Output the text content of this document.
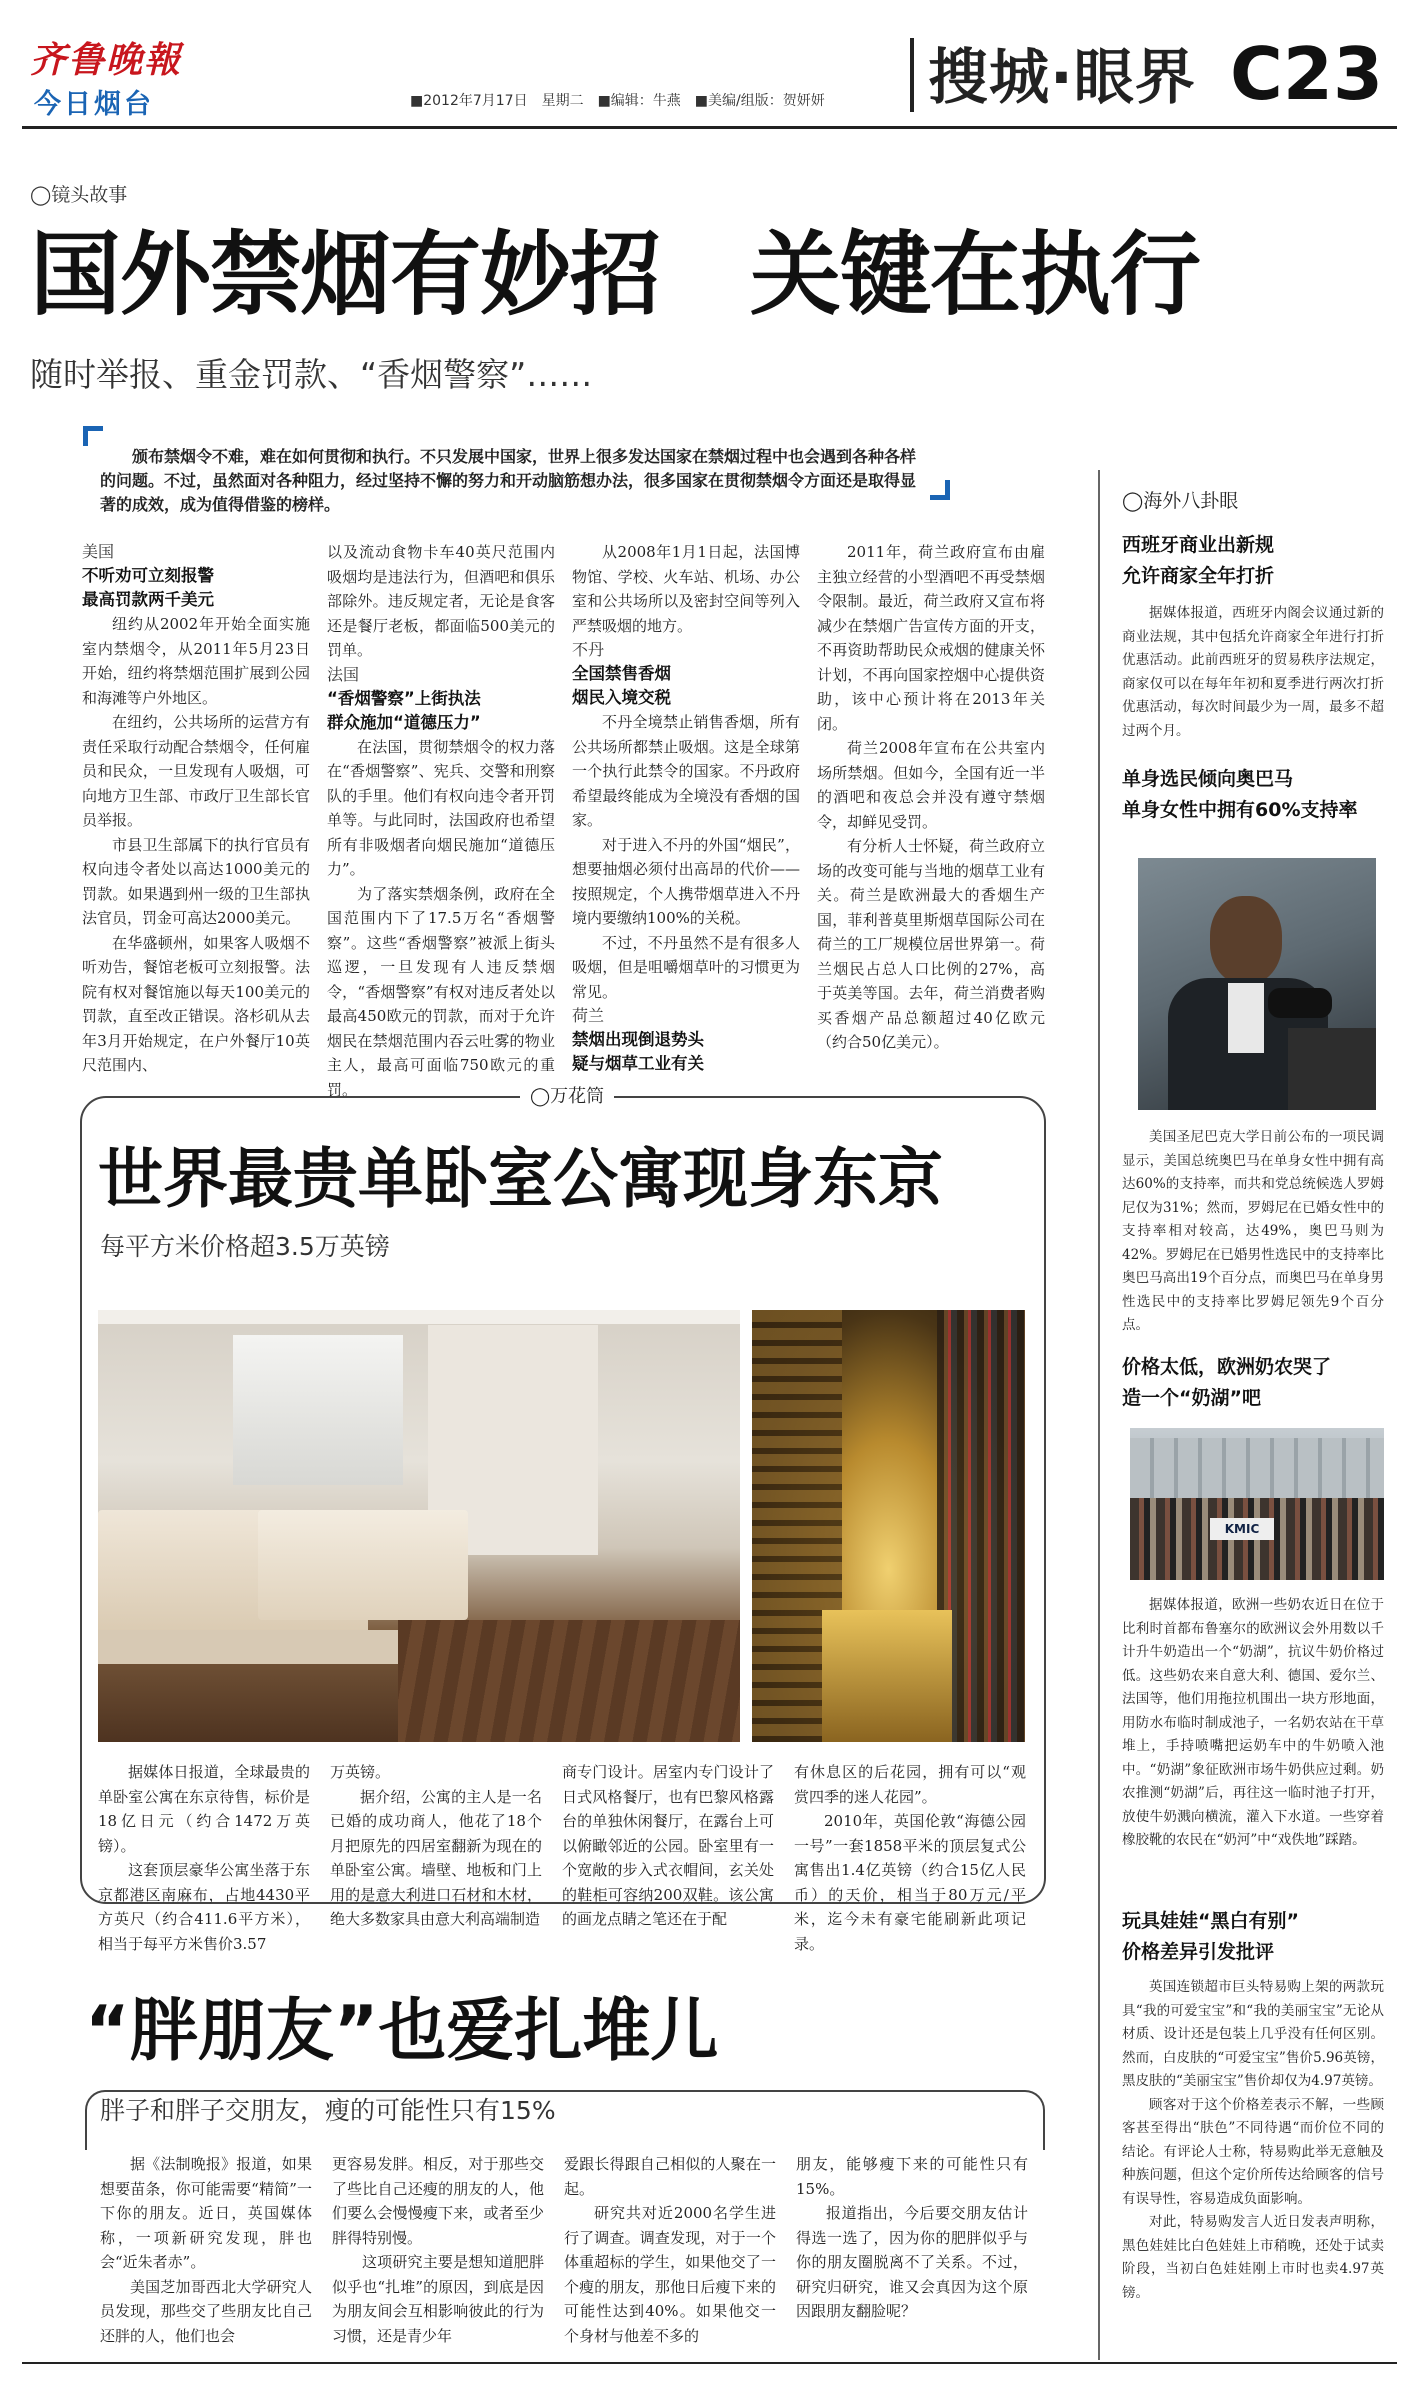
齐鲁晚報
今日烟台	■2012年7月17日　星期二　■编辑：牛燕　■美编/组版：贺妍妍 搜城·眼界 C23
◯镜头故事
国外禁烟有妙招　关键在执行
随时举报、重金罚款、“香烟警察”……
颁布禁烟令不难，难在如何贯彻和执行。不只发展中国家，世界上很多发达国家在禁烟过程中也会遇到各种各样的问题。不过，虽然面对各种阻力，经过坚持不懈的努力和开动脑筋想办法，很多国家在贯彻禁烟令方面还是取得显著的成效，成为值得借鉴的榜样。
美国
不听劝可立刻报警
最高罚款两千美元

纽约从2002年开始全面实施室内禁烟令，从2011年5月23日开始，纽约将禁烟范围扩展到公园和海滩等户外地区。

在纽约，公共场所的运营方有责任采取行动配合禁烟令，任何雇员和民众，一旦发现有人吸烟，可向地方卫生部、市政厅卫生部长官员举报。

市县卫生部属下的执行官员有权向违令者处以高达1000美元的罚款。如果遇到州一级的卫生部执法官员，罚金可高达2000美元。

在华盛顿州，如果客人吸烟不听劝告，餐馆老板可立刻报警。法院有权对餐馆施以每天100美元的罚款，直至改正错误。洛杉矶从去年3月开始规定，在户外餐厅10英尺范围内、

以及流动食物卡车40英尺范围内吸烟均是违法行为，但酒吧和俱乐部除外。违反规定者，无论是食客还是餐厅老板，都面临500美元的罚单。

法国
“香烟警察”上街执法
群众施加“道德压力”

在法国，贯彻禁烟令的权力落在“香烟警察”、宪兵、交警和刑察队的手里。他们有权向违令者开罚单等。与此同时，法国政府也希望所有非吸烟者向烟民施加“道德压力”。

为了落实禁烟条例，政府在全国范围内下了17.5万名“香烟警察”。这些“香烟警察”被派上街头巡逻，一旦发现有人违反禁烟令，“香烟警察”有权对违反者处以最高450欧元的罚款，而对于允许烟民在禁烟范围内吞云吐雾的物业主人，最高可面临750欧元的重罚。

从2008年1月1日起，法国博物馆、学校、火车站、机场、办公室和公共场所以及密封空间等列入严禁吸烟的地方。

不丹
全国禁售香烟
烟民入境交税

不丹全境禁止销售香烟，所有公共场所都禁止吸烟。这是全球第一个执行此禁令的国家。不丹政府希望最终能成为全境没有香烟的国家。

对于进入不丹的外国“烟民”，想要抽烟必须付出高昂的代价——按照规定，个人携带烟草进入不丹境内要缴纳100%的关税。

不过，不丹虽然不是有很多人吸烟，但是咀嚼烟草叶的习惯更为常见。

荷兰
禁烟出现倒退势头
疑与烟草工业有关

2011年，荷兰政府宣布由雇主独立经营的小型酒吧不再受禁烟令限制。最近，荷兰政府又宣布将减少在禁烟广告宣传方面的开支，不再资助帮助民众戒烟的健康关怀计划，不再向国家控烟中心提供资助，该中心预计将在2013年关闭。

荷兰2008年宣布在公共室内场所禁烟。但如今，全国有近一半的酒吧和夜总会并没有遵守禁烟令，却鲜见受罚。

有分析人士怀疑，荷兰政府立场的改变可能与当地的烟草工业有关。荷兰是欧洲最大的香烟生产国，菲利普莫里斯烟草国际公司在荷兰的工厂规模位居世界第一。荷兰烟民占总人口比例的27%，高于英美等国。去年，荷兰消费者购买香烟产品总额超过40亿欧元（约合50亿美元）。

◯万花筒
世界最贵单卧室公寓现身东京
每平方米价格超3.5万英镑

据媒体日报道，全球最贵的单卧室公寓在东京待售，标价是18亿日元（约合1472万英镑）。

这套顶层豪华公寓坐落于东京都港区南麻布，占地4430平方英尺（约合411.6平方米），相当于每平方米售价3.57

万英镑。

据介绍，公寓的主人是一名已婚的成功商人，他花了18个月把原先的四居室翻新为现在的单卧室公寓。墙壁、地板和门上用的是意大利进口石材和木材，绝大多数家具由意大利高端制造

商专门设计。居室内专门设计了日式风格餐厅，也有巴黎风格露台的单独休闲餐厅，在露台上可以俯瞰邻近的公园。卧室里有一个宽敞的步入式衣帽间，玄关处的鞋柜可容纳200双鞋。该公寓的画龙点睛之笔还在于配

有休息区的后花园，拥有可以“观赏四季的迷人花园”。

2010年，英国伦敦“海德公园一号”一套1858平米的顶层复式公寓售出1.4亿英镑（约合15亿人民币）的天价，相当于80万元/平米，迄今未有豪宅能刷新此项记录。

“胖朋友”也爱扎堆儿
胖子和胖子交朋友，瘦的可能性只有15%

据《法制晚报》报道，如果想要苗条，你可能需要“精简”一下你的朋友。近日，英国媒体称，一项新研究发现，胖也会“近朱者赤”。

美国芝加哥西北大学研究人员发现，那些交了些朋友比自己还胖的人，他们也会

更容易发胖。相反，对于那些交了些比自己还瘦的朋友的人，他们要么会慢慢瘦下来，或者至少胖得特别慢。

这项研究主要是想知道肥胖似乎也“扎堆”的原因，到底是因为朋友间会互相影响彼此的行为习惯，还是青少年

爱跟长得跟自己相似的人聚在一起。

研究共对近2000名学生进行了调查。调查发现，对于一个体重超标的学生，如果他交了一个瘦的朋友，那他日后瘦下来的可能性达到40%。如果他交一个身材与他差不多的

朋友，能够瘦下来的可能性只有15%。

报道指出，今后要交朋友估计得选一选了，因为你的肥胖似乎与你的朋友圈脱离不了关系。不过，研究归研究，谁又会真因为这个原因跟朋友翻脸呢？

◯海外八卦眼
西班牙商业出新规
允许商家全年打折

据媒体报道，西班牙内阁会议通过新的商业法规，其中包括允许商家全年进行打折优惠活动。此前西班牙的贸易秩序法规定，商家仅可以在每年年初和夏季进行两次打折优惠活动，每次时间最少为一周，最多不超过两个月。

单身选民倾向奥巴马
单身女性中拥有60%支持率

美国圣尼巴克大学日前公布的一项民调显示，美国总统奥巴马在单身女性中拥有高达60%的支持率，而共和党总统候选人罗姆尼仅为31%；然而，罗姆尼在已婚女性中的支持率相对较高，达49%，奥巴马则为42%。罗姆尼在已婚男性选民中的支持率比奥巴马高出19个百分点，而奥巴马在单身男性选民中的支持率比罗姆尼领先9个百分点。

价格太低，欧洲奶农哭了
造一个“奶湖”吧
KMIC

据媒体报道，欧洲一些奶农近日在位于比利时首都布鲁塞尔的欧洲议会外用数以千计升牛奶造出一个“奶湖”，抗议牛奶价格过低。这些奶农来自意大利、德国、爱尔兰、法国等，他们用拖拉机围出一块方形地面，用防水布临时制成池子，一名奶农站在干草堆上，手持喷嘴把运奶车中的牛奶喷入池中。“奶湖”象征欧洲市场牛奶供应过剩。奶农推测“奶湖”后，再往这一临时池子打开，放使牛奶溅向横流，灌入下水道。一些穿着橡胶靴的农民在“奶河”中“戏佚地”踩踏。

玩具娃娃“黑白有别”
价格差异引发批评

英国连锁超市巨头特易购上架的两款玩具“我的可爱宝宝”和“我的美丽宝宝”无论从材质、设计还是包装上几乎没有任何区别。然而，白皮肤的“可爱宝宝”售价5.96英镑，黑皮肤的“美丽宝宝”售价却仅为4.97英镑。

顾客对于这个价格差表示不解，一些顾客甚至得出“肤色”不同待遇“而价位不同的结论。有评论人士称，特易购此举无意触及种族问题，但这个定价所传达给顾客的信号有误导性，容易造成负面影响。

对此，特易购发言人近日发表声明称，黑色娃娃比白色娃娃上市稍晚，还处于试卖阶段，当初白色娃娃刚上市时也卖4.97英镑。
